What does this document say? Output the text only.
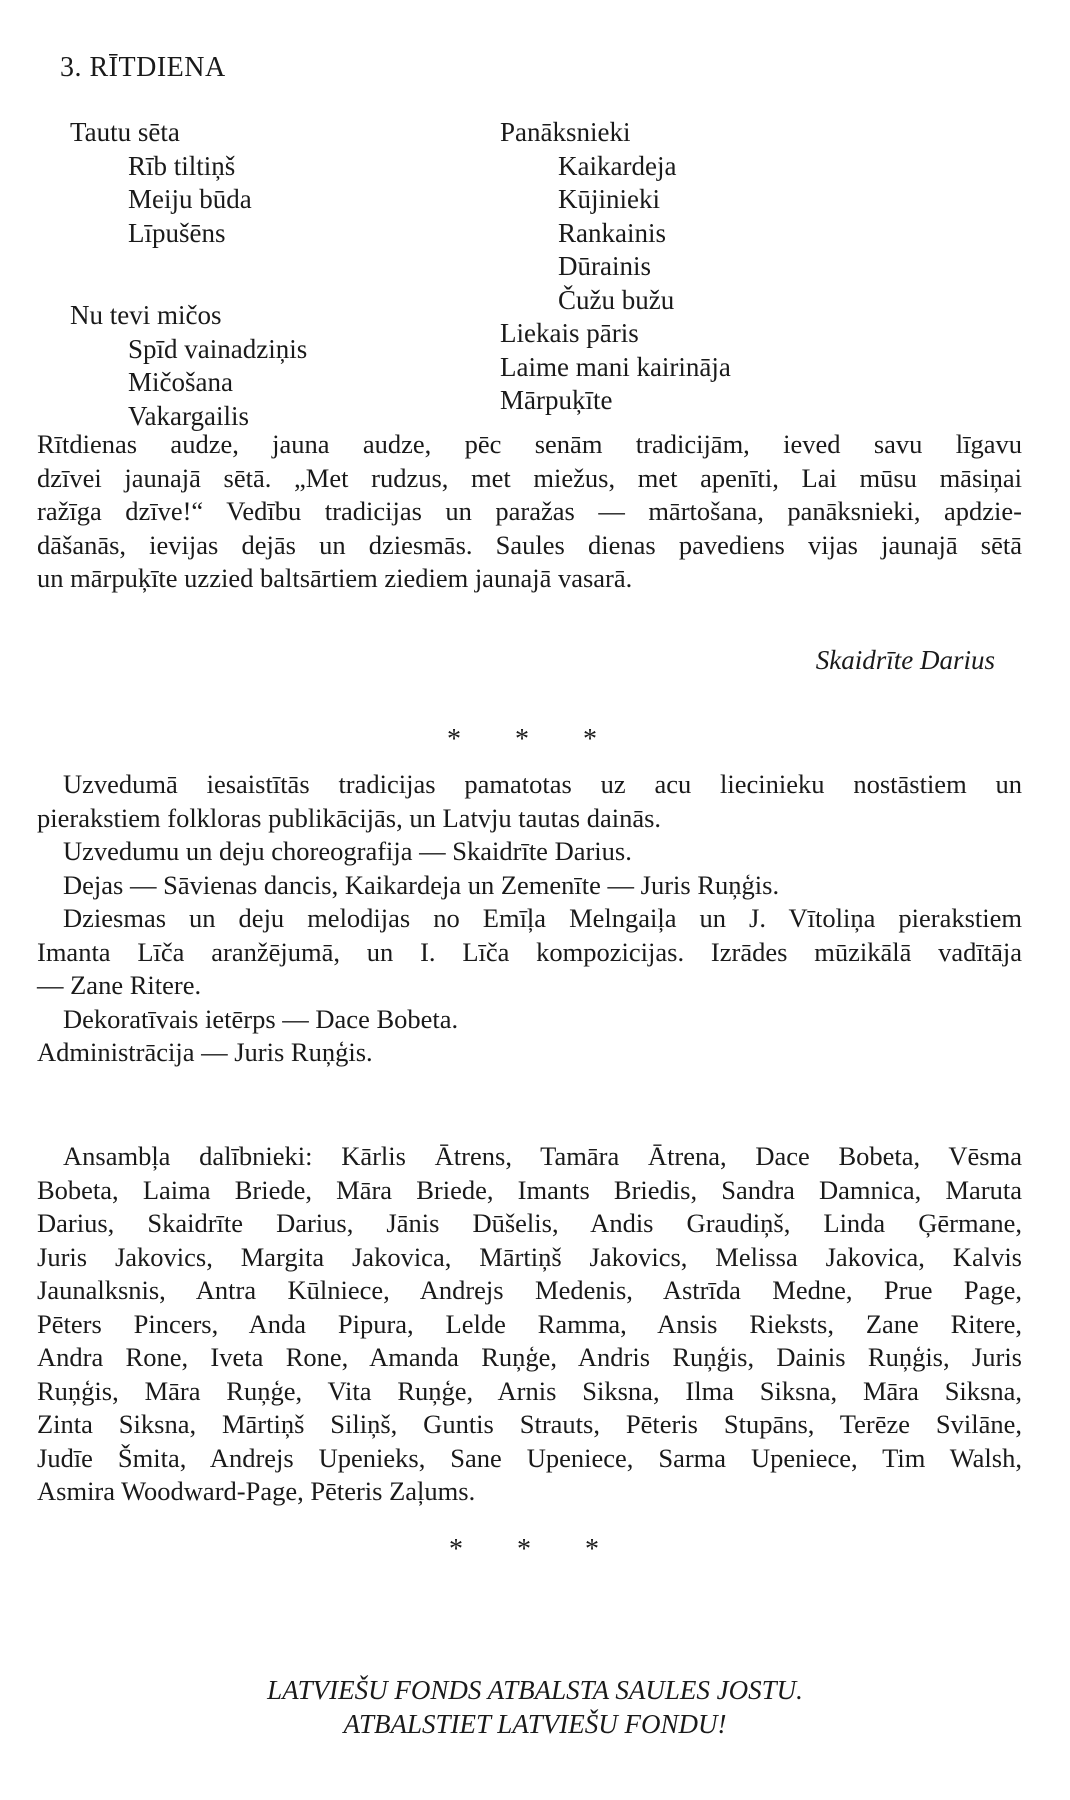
3. RĪTDIENA
Tautu sēta
Rīb tiltiņš
Meiju būda
Līpušēns
Nu tevi mičos
Spīd vainadziņis
Mičošana
Vakargailis
Panāksnieki
Kaikardeja
Kūjinieki
Rankainis
Dūrainis
Čužu bužu
Liekais pāris
Laime mani kairināja
Mārpuķīte
Rītdienas audze, jauna audze, pēc senām tradicijām, ieved savu līgavu
dzīvei jaunajā sētā. „Met rudzus, met miežus, met apenīti, Lai mūsu māsiņai
ražīga dzīve!“ Vedību tradicijas un paražas — mārtošana, panāksnieki, apdzie-
dāšanās, ievijas dejās un dziesmās. Saules dienas pavediens vijas jaunajā sētā
un mārpuķīte uzzied baltsārtiem ziediem jaunajā vasarā.
Skaidrīte Darius
*	*	*
Uzvedumā iesaistītās tradicijas pamatotas uz acu liecinieku nostāstiem un
pierakstiem folkloras publikācijās, un Latvju tautas dainās.
Uzvedumu un deju choreografija — Skaidrīte Darius.
Dejas — Sāvienas dancis, Kaikardeja un Zemenīte — Juris Ruņģis.
Dziesmas un deju melodijas no Emīļa Melngaiļa un J. Vītoliņa pierakstiem
Imanta Līča aranžējumā, un I. Līča kompozicijas. Izrādes mūzikālā vadītāja
— Zane Ritere.
Dekoratīvais ietērps — Dace Bobeta.
Administrācija — Juris Ruņģis.
Ansambļa dalībnieki: Kārlis Ātrens, Tamāra Ātrena, Dace Bobeta, Vēsma
Bobeta, Laima Briede, Māra Briede, Imants Briedis, Sandra Damnica, Maruta
Darius, Skaidrīte Darius, Jānis Dūšelis, Andis Graudiņš, Linda Ģērmane,
Juris Jakovics, Margita Jakovica, Mārtiņš Jakovics, Melissa Jakovica, Kalvis
Jaunalksnis, Antra Kūlniece, Andrejs Medenis, Astrīda Medne, Prue Page,
Pēters Pincers, Anda Pipura, Lelde Ramma, Ansis Rieksts, Zane Ritere,
Andra Rone, Iveta Rone, Amanda Ruņģe, Andris Ruņģis, Dainis Ruņģis, Juris
Ruņģis, Māra Ruņģe, Vita Ruņģe, Arnis Siksna, Ilma Siksna, Māra Siksna,
Zinta Siksna, Mārtiņš Siliņš, Guntis Strauts, Pēteris Stupāns, Terēze Svilāne,
Judīe Šmita, Andrejs Upenieks, Sane Upeniece, Sarma Upeniece, Tim Walsh,
Asmira Woodward-Page, Pēteris Zaļums.
*	*	*
LATVIEŠU FONDS ATBALSTA SAULES JOSTU.
ATBALSTIET LATVIEŠU FONDU!
